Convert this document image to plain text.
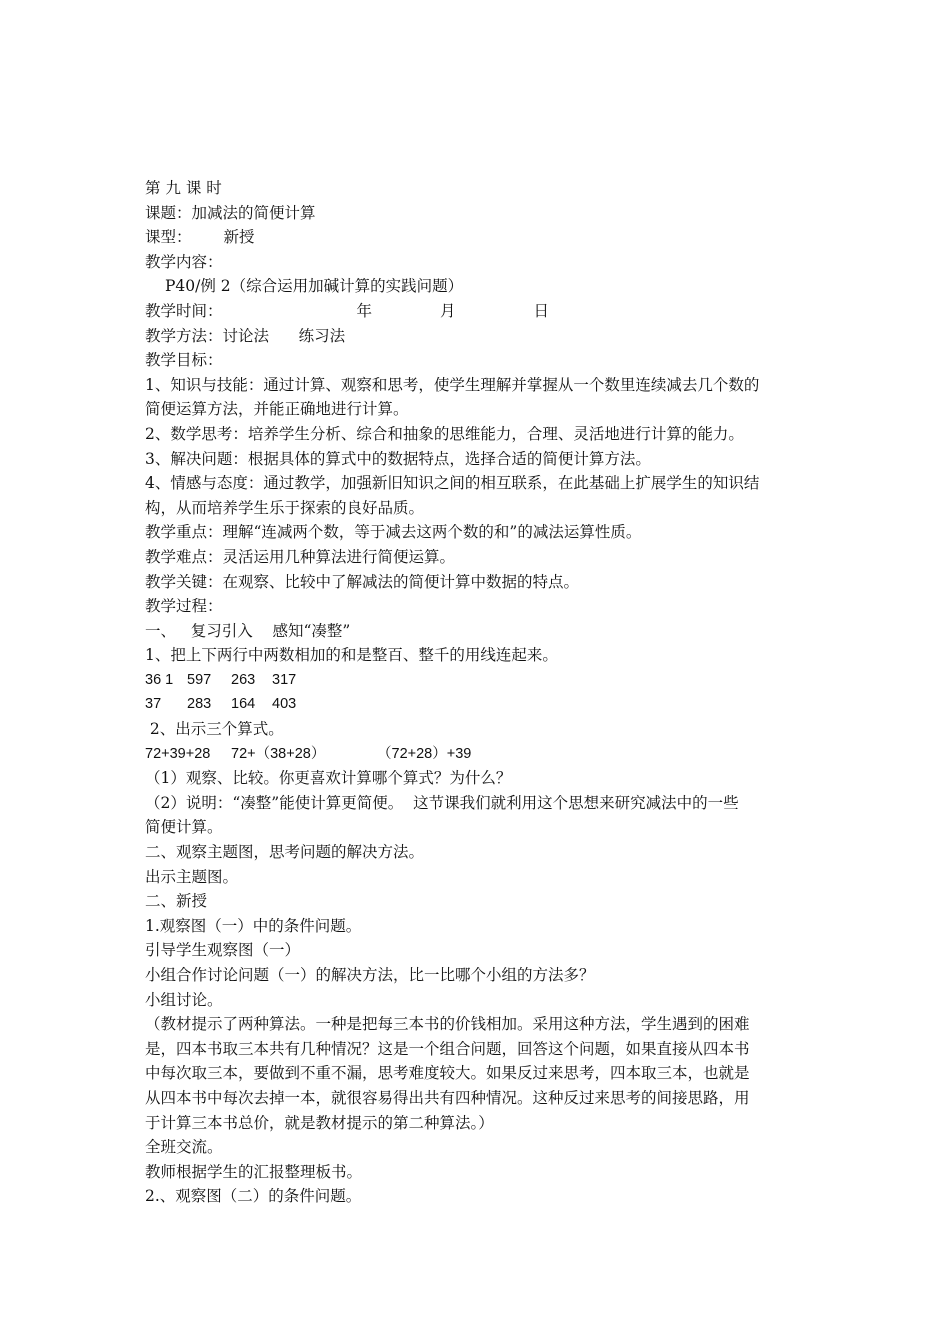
第 九 课 时
课题：加减法的简便计算
课型： 新授
教学内容：
P40/例 2（综合运用加碱计算的实践问题）
教学时间：	年	月	日
教学方法：讨论法      练习法
教学目标：
1、知识与技能：通过计算、观察和思考，使学生理解并掌握从一个数里连续减去几个数的
简便运算方法，并能正确地进行计算。
2、数学思考：培养学生分析、综合和抽象的思维能力，合理、灵活地进行计算的能力。
3、解决问题：根据具体的算式中的数据特点，选择合适的简便计算方法。
4、情感与态度：通过教学，加强新旧知识之间的相互联系，在此基础上扩展学生的知识结
构，从而培养学生乐于探索的良好品质。
教学重点：理解“连减两个数，等于减去这两个数的和”的减法运算性质。
教学难点：灵活运用几种算法进行简便运算。
教学关键：在观察、比较中了解减法的简便计算中数据的特点。
教学过程：
一、   复习引入    感知“凑整”
1、把上下两行中两数相加的和是整百、整千的用线连起来。
36 1 597 263 317
37 283 164 403
2、出示三个算式。
72+39+28 72+（38+28）	（72+28）+39
（1）观察、比较。你更喜欢计算哪个算式？为什么？
（2）说明：“凑整”能使计算更简便。  这节课我们就利用这个思想来研究减法中的一些
简便计算。
二、观察主题图，思考问题的解决方法。
出示主题图。
二、新授
1.观察图（一）中的条件问题。
引导学生观察图（一）
小组合作讨论问题（一）的解决方法，比一比哪个小组的方法多？
小组讨论。
（教材提示了两种算法。一种是把每三本书的价钱相加。采用这种方法，学生遇到的困难
是，四本书取三本共有几种情况？这是一个组合问题，回答这个问题，如果直接从四本书
中每次取三本，要做到不重不漏，思考难度较大。如果反过来思考，四本取三本，也就是
从四本书中每次去掉一本，就很容易得出共有四种情况。这种反过来思考的间接思路，用
于计算三本书总价，就是教材提示的第二种算法。）
全班交流。
教师根据学生的汇报整理板书。
2.、观察图（二）的条件问题。
